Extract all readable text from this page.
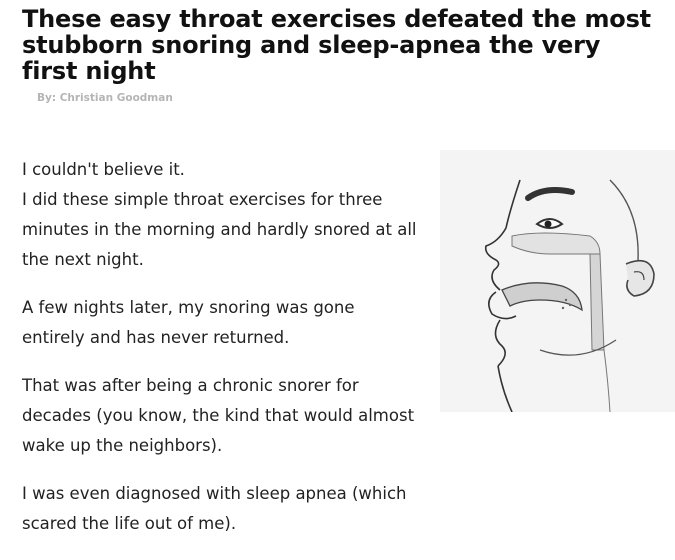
These easy throat exercises defeated the most stubborn snoring and sleep-apnea the very first night
By: Christian Goodman

I couldn't believe it.
I did these simple throat exercises for three minutes in the morning and hardly snored at all the next night.

A few nights later, my snoring was gone entirely and has never returned.

That was after being a chronic snorer for decades (you know, the kind that would almost wake up the neighbors).

I was even diagnosed with sleep apnea (which scared the life out of me).
